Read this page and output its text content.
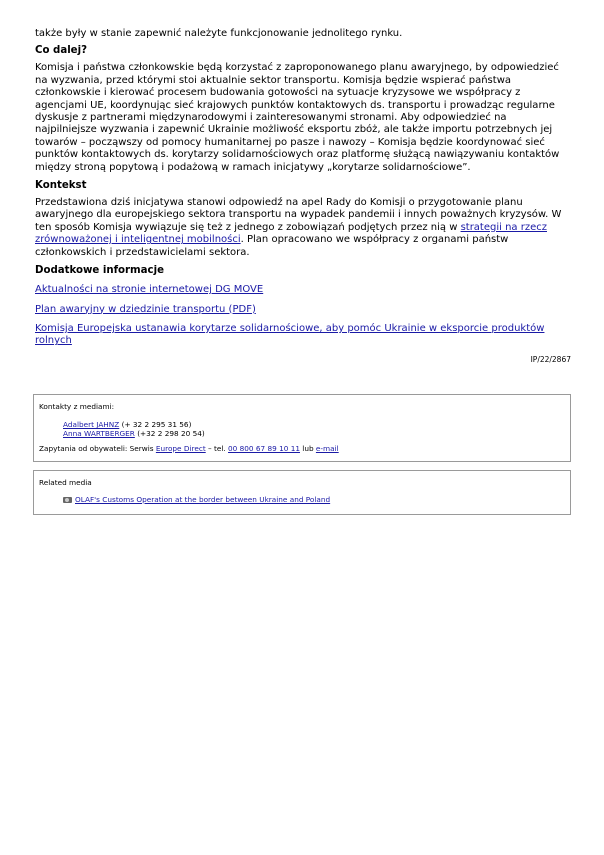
także były w stanie zapewnić należyte funkcjonowanie jednolitego rynku.

Co dalej?

Komisja i państwa członkowskie będą korzystać z zaproponowanego planu awaryjnego, by odpowiedzieć na wyzwania, przed którymi stoi aktualnie sektor transportu. Komisja będzie wspierać państwa członkowskie i kierować procesem budowania gotowości na sytuacje kryzysowe we współpracy z agencjami UE, koordynując sieć krajowych punktów kontaktowych ds. transportu i prowadząc regularne dyskusje z partnerami międzynarodowymi i zainteresowanymi stronami. Aby odpowiedzieć na najpilniejsze wyzwania i zapewnić Ukrainie możliwość eksportu zbóż, ale także importu potrzebnych jej towarów – począwszy od pomocy humanitarnej po pasze i nawozy – Komisja będzie koordynować sieć punktów kontaktowych ds. korytarzy solidarnościowych oraz platformę służącą nawiązywaniu kontaktów między stroną popytową i podażową w ramach inicjatywy „korytarze solidarnościowe”.

Kontekst

Przedstawiona dziś inicjatywa stanowi odpowiedź na apel Rady do Komisji o przygotowanie planu awaryjnego dla europejskiego sektora transportu na wypadek pandemii i innych poważnych kryzysów. W ten sposób Komisja wywiązuje się też z jednego z zobowiązań podjętych przez nią w strategii na rzecz zrównoważonej i inteligentnej mobilności. Plan opracowano we współpracy z organami państw członkowskich i przedstawicielami sektora.

Dodatkowe informacje

Aktualności na stronie internetowej DG MOVE

Plan awaryjny w dziedzinie transportu (PDF)

Komisja Europejska ustanawia korytarze solidarnościowe, aby pomóc Ukrainie w eksporcie produktów rolnych

IP/22/2867

Kontakty z mediami:
Adalbert JAHNZ (+ 32 2 295 31 56)
Anna WARTBERGER (+32 2 298 20 54)
Zapytania od obywateli: Serwis Europe Direct – tel. 00 800 67 89 10 11 lub e-mail
Related media
OLAF's Customs Operation at the border between Ukraine and Poland
